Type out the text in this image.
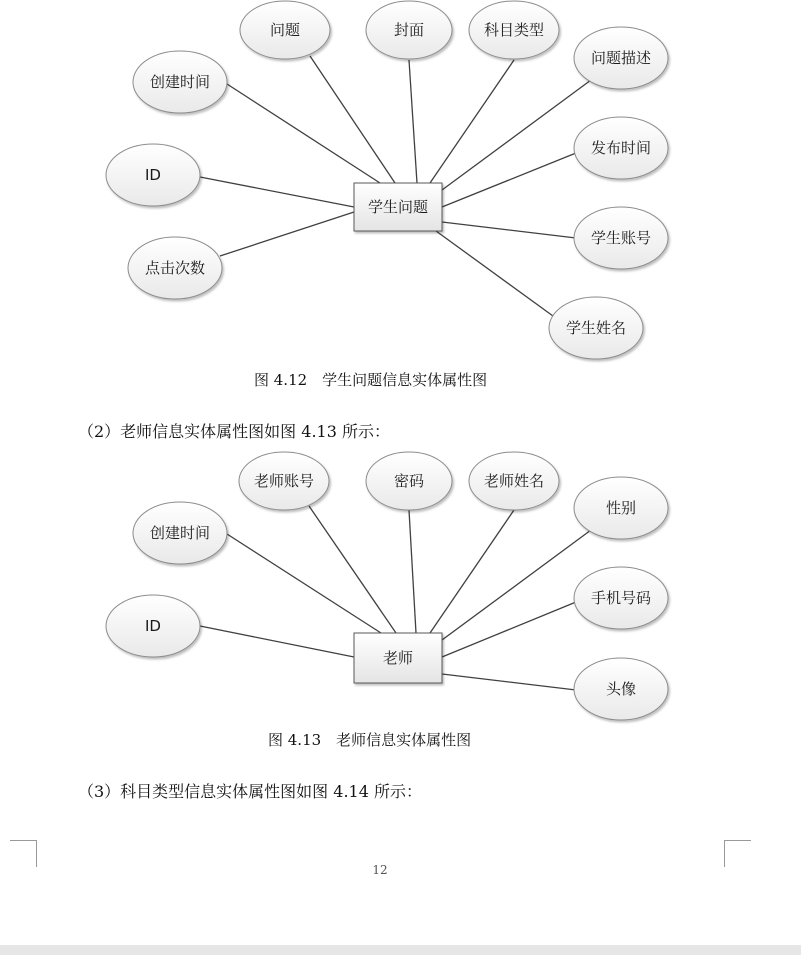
问题	封面	科目类型
问题描述
创建时间
发布时间
ID
学生账号
点击次数
学生姓名
学生问题
老师账号	密码	老师姓名
性别
创建时间
手机号码
ID
头像
老师
图 4.12　学生问题信息实体属性图
（2）老师信息实体属性图如图 4.13 所示：
图 4.13　老师信息实体属性图
（3）科目类型信息实体属性图如图 4.14 所示：
12
